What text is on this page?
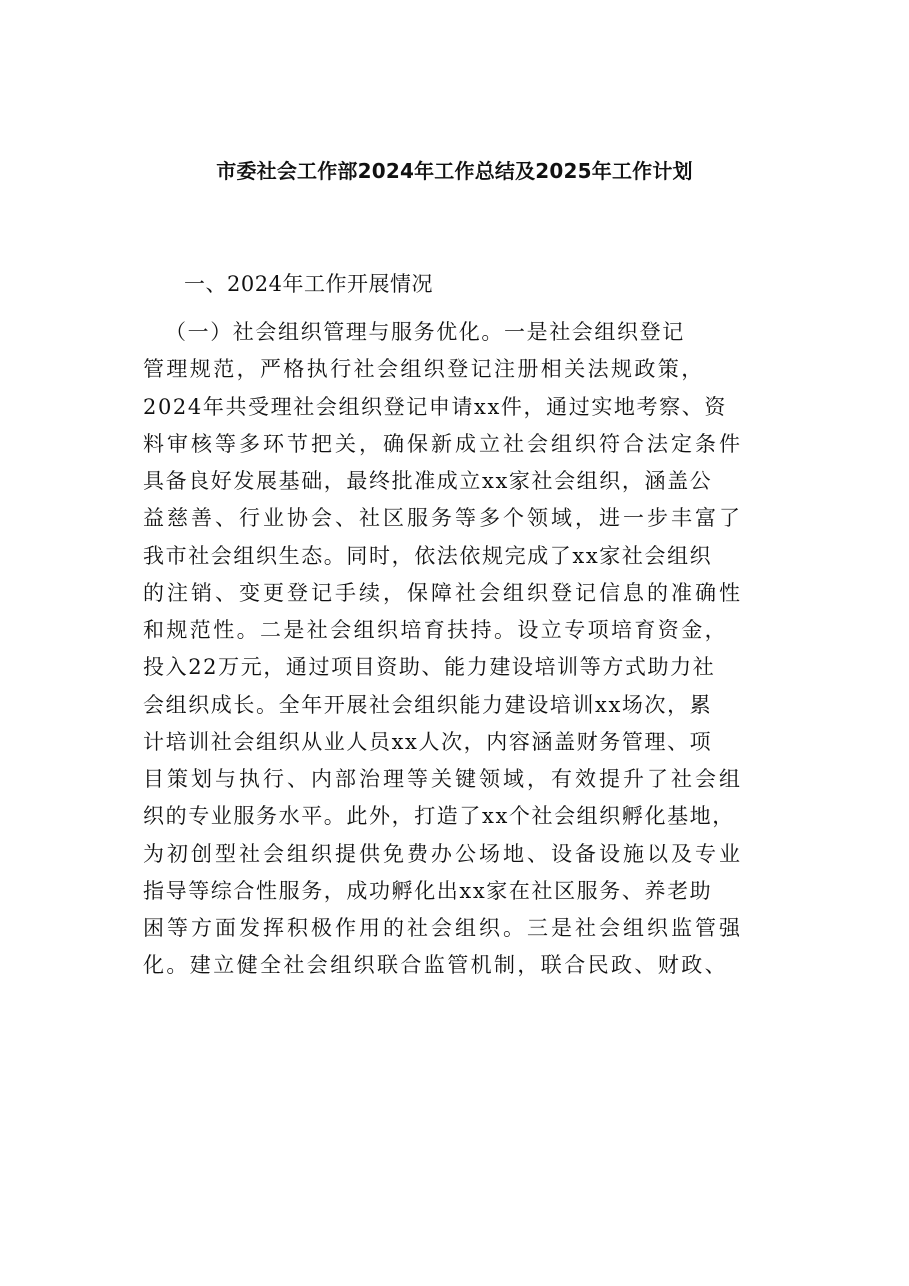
市委社会工作部2024年工作总结及2025年工作计划
一、2024年工作开展情况
（一）社会组织管理与服务优化。一是社会组织登记
管理规范，严格执行社会组织登记注册相关法规政策，
2024年共受理社会组织登记申请xx件，通过实地考察、资
料审核等多环节把关，确保新成立社会组织符合法定条件
具备良好发展基础，最终批准成立xx家社会组织，涵盖公
益慈善、行业协会、社区服务等多个领域，进一步丰富了
我市社会组织生态。同时，依法依规完成了xx家社会组织
的注销、变更登记手续，保障社会组织登记信息的准确性
和规范性。二是社会组织培育扶持。设立专项培育资金，
投入22万元，通过项目资助、能力建设培训等方式助力社
会组织成长。全年开展社会组织能力建设培训xx场次，累
计培训社会组织从业人员xx人次，内容涵盖财务管理、项
目策划与执行、内部治理等关键领域，有效提升了社会组
织的专业服务水平。此外，打造了xx个社会组织孵化基地，
为初创型社会组织提供免费办公场地、设备设施以及专业
指导等综合性服务，成功孵化出xx家在社区服务、养老助
困等方面发挥积极作用的社会组织。三是社会组织监管强
化。建立健全社会组织联合监管机制，联合民政、财政、
